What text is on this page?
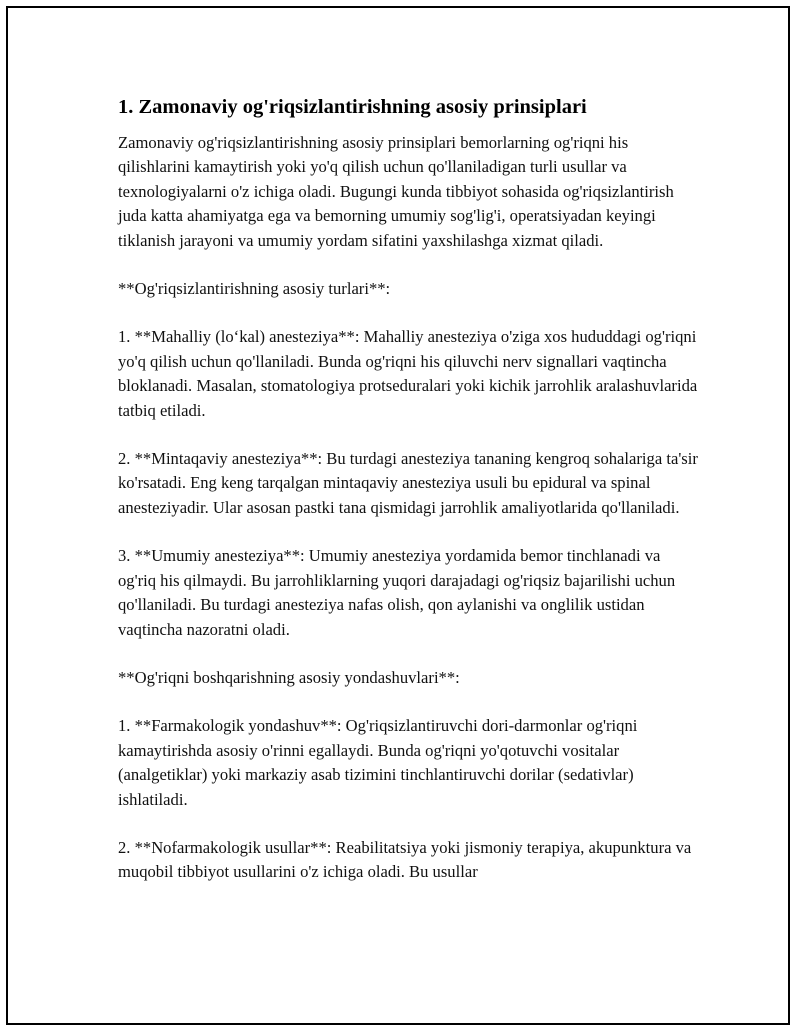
1. Zamonaviy og'riqsizlantirishning asosiy prinsiplari

Zamonaviy og'riqsizlantirishning asosiy prinsiplari bemorlarning og'riqni his qilishlarini kamaytirish yoki yo'q qilish uchun qo'llaniladigan turli usullar va texnologiyalarni o'z ichiga oladi. Bugungi kunda tibbiyot sohasida og'riqsizlantirish juda katta ahamiyatga ega va bemorning umumiy sog'lig'i, operatsiyadan keyingi tiklanish jarayoni va umumiy yordam sifatini yaxshilashga xizmat qiladi.

**Og'riqsizlantirishning asosiy turlari**:

1. **Mahalliy (lo‘kal) anesteziya**: Mahalliy anesteziya o'ziga xos hududdagi og'riqni yo'q qilish uchun qo'llaniladi. Bunda og'riqni his qiluvchi nerv signallari vaqtincha bloklanadi. Masalan, stomatologiya protseduralari yoki kichik jarrohlik aralashuvlarida tatbiq etiladi.

2. **Mintaqaviy anesteziya**: Bu turdagi anesteziya tananing kengroq sohalariga ta'sir ko'rsatadi. Eng keng tarqalgan mintaqaviy anesteziya usuli bu epidural va spinal anesteziyadir. Ular asosan pastki tana qismidagi jarrohlik amaliyotlarida qo'llaniladi.

3. **Umumiy anesteziya**: Umumiy anesteziya yordamida bemor tinchlanadi va og'riq his qilmaydi. Bu jarrohliklarning yuqori darajadagi og'riqsiz bajarilishi uchun qo'llaniladi. Bu turdagi anesteziya nafas olish, qon aylanishi va onglilik ustidan vaqtincha nazoratni oladi.

**Og'riqni boshqarishning asosiy yondashuvlari**:

1. **Farmakologik yondashuv**: Og'riqsizlantiruvchi dori-darmonlar og'riqni kamaytirishda asosiy o'rinni egallaydi. Bunda og'riqni yo'qotuvchi vositalar (analgetiklar) yoki markaziy asab tizimini tinchlantiruvchi dorilar (sedativlar) ishlatiladi.

2. **Nofarmakologik usullar**: Reabilitatsiya yoki jismoniy terapiya, akupunktura va muqobil tibbiyot usullarini o'z ichiga oladi. Bu usullar
